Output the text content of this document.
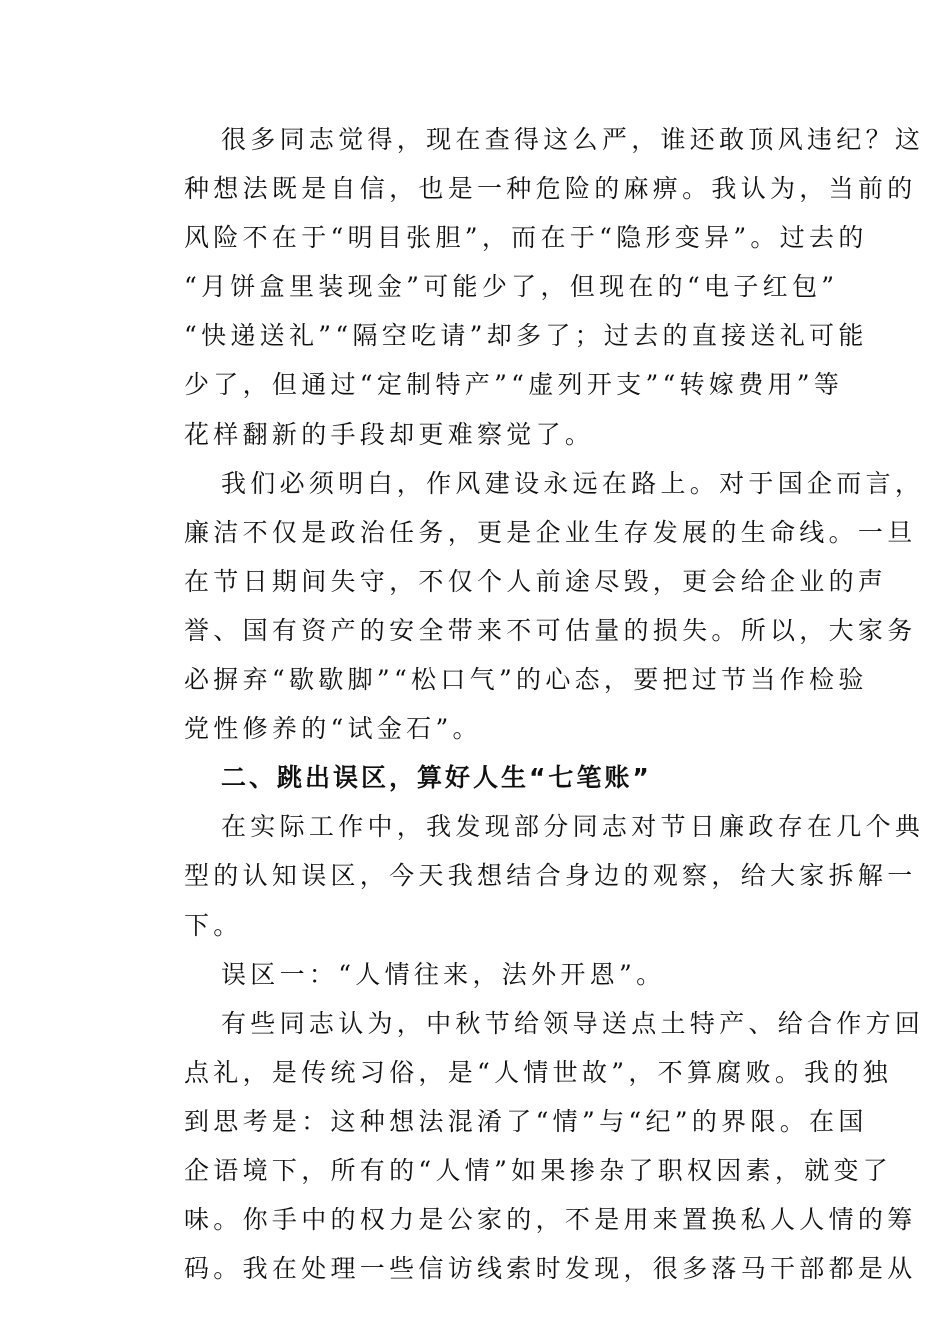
很多同志觉得，现在查得这么严，谁还敢顶风违纪？这
种想法既是自信，也是一种危险的麻痹。我认为，当前的
风险不在于“明目张胆”，而在于“隐形变异”。过去的
“月饼盒里装现金”可能少了，但现在的“电子红包”
“快递送礼”“隔空吃请”却多了；过去的直接送礼可能
少了，但通过“定制特产”“虚列开支”“转嫁费用”等
花样翻新的手段却更难察觉了。
我们必须明白，作风建设永远在路上。对于国企而言，
廉洁不仅是政治任务，更是企业生存发展的生命线。一旦
在节日期间失守，不仅个人前途尽毁，更会给企业的声
誉、国有资产的安全带来不可估量的损失。所以，大家务
必摒弃“歇歇脚”“松口气”的心态，要把过节当作检验
党性修养的“试金石”。
二、跳出误区，算好人生“七笔账”
在实际工作中，我发现部分同志对节日廉政存在几个典
型的认知误区，今天我想结合身边的观察，给大家拆解一
下。
误区一：“人情往来，法外开恩”。
有些同志认为，中秋节给领导送点土特产、给合作方回
点礼，是传统习俗，是“人情世故”，不算腐败。我的独
到思考是：这种想法混淆了“情”与“纪”的界限。在国
企语境下，所有的“人情”如果掺杂了职权因素，就变了
味。你手中的权力是公家的，不是用来置换私人人情的筹
码。我在处理一些信访线索时发现，很多落马干部都是从
